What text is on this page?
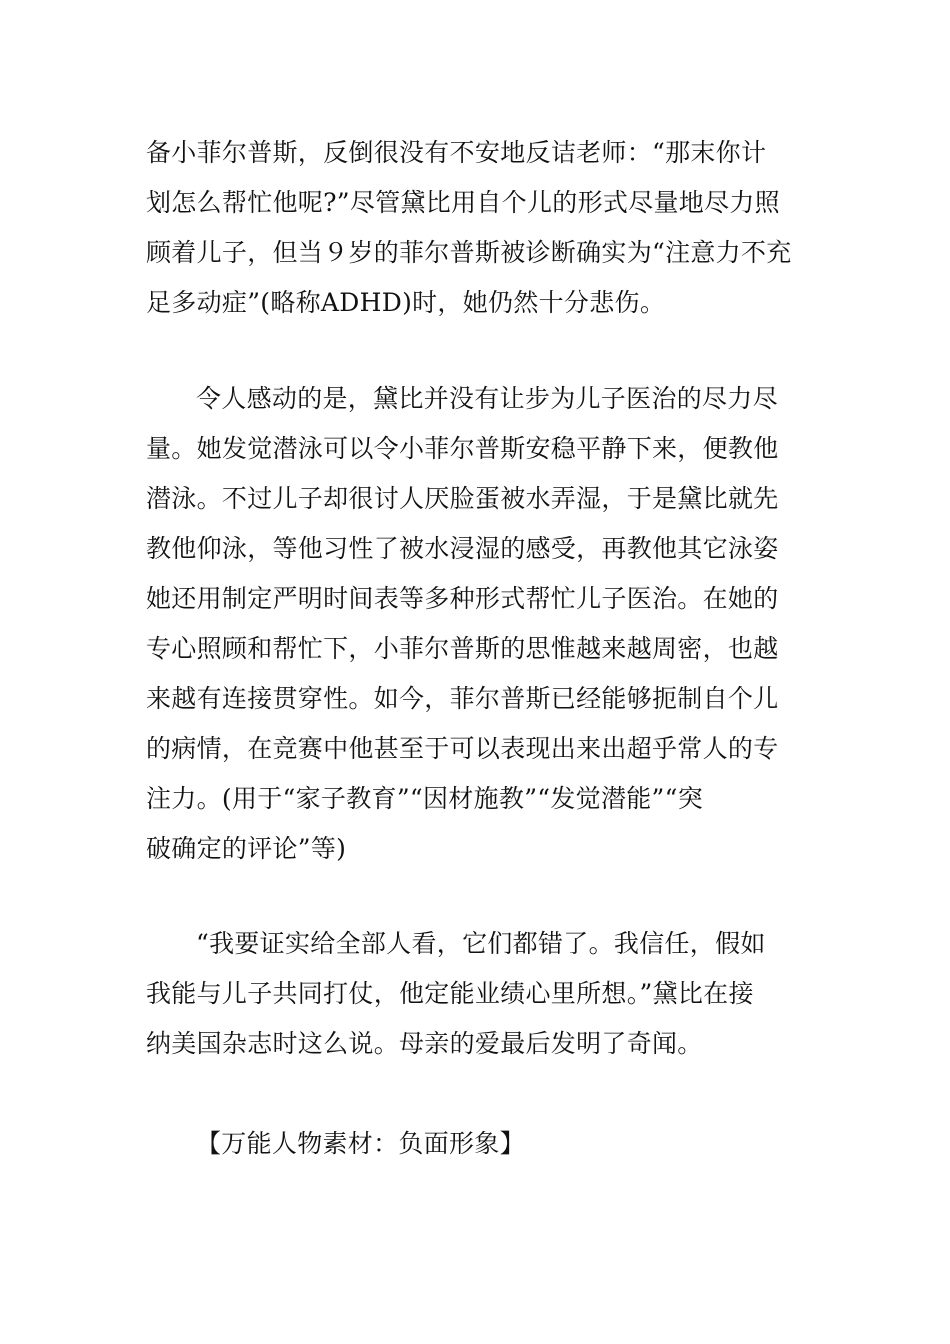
备小菲尔普斯，反倒很没有不安地反诘老师：“那末你计
划怎么帮忙他呢?”尽管黛比用自个儿的形式尽量地尽力照
顾着儿子，但当９岁的菲尔普斯被诊断确实为“注意力不充
足多动症”(略称ADHD)时，她仍然十分悲伤。
令人感动的是，黛比并没有让步为儿子医治的尽力尽
量。她发觉潜泳可以令小菲尔普斯安稳平静下来，便教他
潜泳。不过儿子却很讨人厌脸蛋被水弄湿，于是黛比就先
教他仰泳，等他习性了被水浸湿的感受，再教他其它泳姿
她还用制定严明时间表等多种形式帮忙儿子医治。在她的
专心照顾和帮忙下，小菲尔普斯的思惟越来越周密，也越
来越有连接贯穿性。如今，菲尔普斯已经能够扼制自个儿
的病情，在竞赛中他甚至于可以表现出来出超乎常人的专
注力。(用于“家子教育”“因材施教”“发觉潜能”“突
破确定的评论”等)
“我要证实给全部人看，它们都错了。我信任，假如
我能与儿子共同打仗，他定能业绩心里所想。”黛比在接
纳美国杂志时这么说。母亲的爱最后发明了奇闻。
【万能人物素材：负面形象】
